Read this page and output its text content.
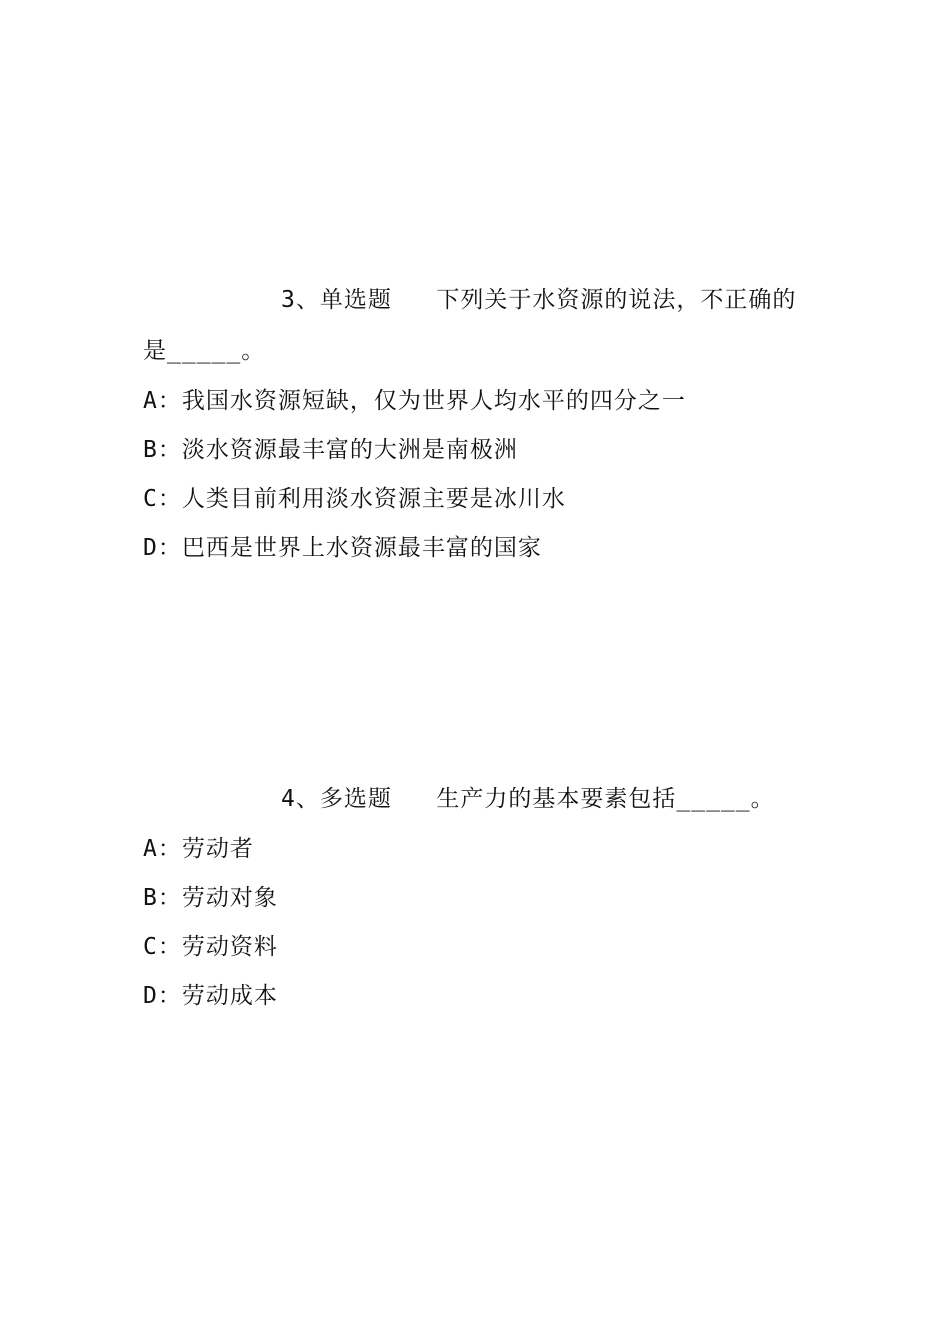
3、单选题   下列关于水资源的说法，不正确的
是_____。
A：我国水资源短缺，仅为世界人均水平的四分之一
B：淡水资源最丰富的大洲是南极洲
C：人类目前利用淡水资源主要是冰川水
D：巴西是世界上水资源最丰富的国家
4、多选题   生产力的基本要素包括_____。
A：劳动者
B：劳动对象
C：劳动资料
D：劳动成本
